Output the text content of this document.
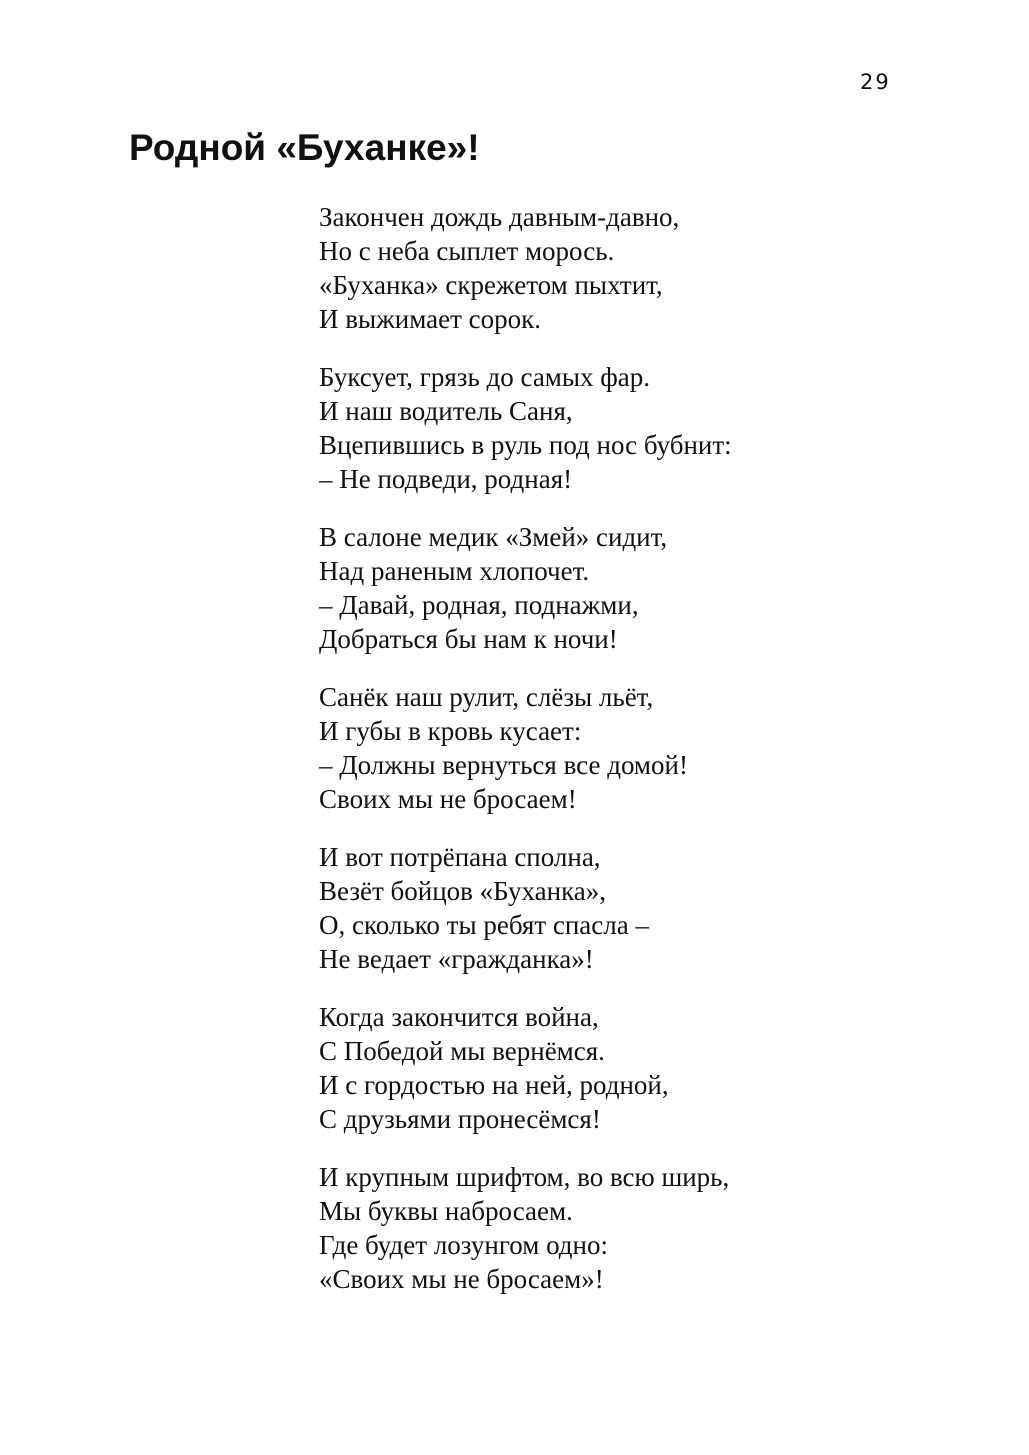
29
Родной «Буханке»!

Закончен дождь давным-давно,
Но с неба сыплет морось.
«Буханка» скрежетом пыхтит,
И выжимает сорок.

Буксует, грязь до самых фар.
И наш водитель Саня,
Вцепившись в руль под нос бубнит:
– Не подведи, родная!

В салоне медик «Змей» сидит,
Над раненым хлопочет.
– Давай, родная, поднажми,
Добраться бы нам к ночи!

Санёк наш рулит, слёзы льёт,
И губы в кровь кусает:
– Должны вернуться все домой!
Своих мы не бросаем!

И вот потрёпана сполна,
Везёт бойцов «Буханка»,
О, сколько ты ребят спасла –
Не ведает «гражданка»!

Когда закончится война,
С Победой мы вернёмся.
И с гордостью на ней, родной,
С друзьями пронесёмся!

И крупным шрифтом, во всю ширь,
Мы буквы набросаем.
Где будет лозунгом одно:
«Своих мы не бросаем»!
